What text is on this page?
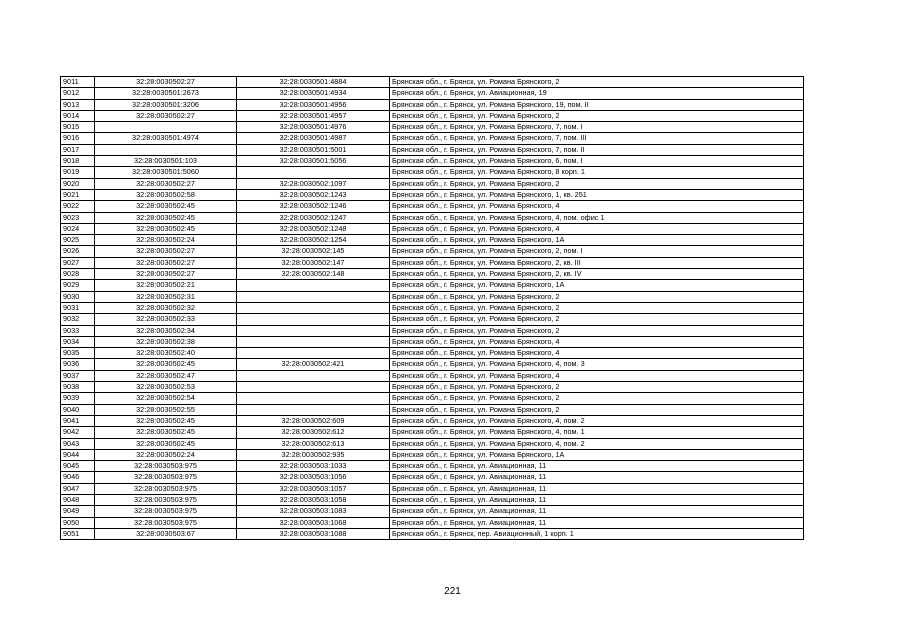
9011	32:28:0030502:27	32:28:0030501:4884	Брянская обл., г. Брянск, ул. Романа Брянского, 2
9012	32:28:0030501:2673	32:28:0030501:4934	Брянская обл., г. Брянск, ул. Авиационная, 19
9013	32:28:0030501:3206	32:28:0030501:4956	Брянская обл., г. Брянск, ул. Романа Брянского, 19, пом. II
9014	32:28:0030502:27	32:28:0030501:4957	Брянская обл., г. Брянск, ул. Романа Брянского, 2
9015		32:28:0030501:4976	Брянская обл., г. Брянск, ул. Романа Брянского, 7, пом. I
9016	32:28:0030501:4974	32:28:0030501:4987	Брянская обл., г. Брянск, ул. Романа Брянского, 7, пом. III
9017		32:28:0030501:5001	Брянская обл., г. Брянск, ул. Романа Брянского, 7, пом. II
9018	32:28:0030501:103	32:28:0030501:5056	Брянская обл., г. Брянск, ул. Романа Брянского, 6, пом. I
9019	32:28:0030501:5060		Брянская обл., г. Брянск, ул. Романа Брянского, 8 корп. 1
9020	32:28:0030502:27	32:28:0030502:1097	Брянская обл., г. Брянск, ул. Романа Брянского, 2
9021	32:28:0030502:58	32:28:0030502:1243	Брянская обл., г. Брянск, ул. Романа Брянского, 1, кв. 251
9022	32:28:0030502:45	32:28:0030502:1246	Брянская обл., г. Брянск, ул. Романа Брянского, 4
9023	32:28:0030502:45	32:28:0030502:1247	Брянская обл., г. Брянск, ул. Романа Брянского, 4, пом. офис 1
9024	32:28:0030502:45	32:28:0030502:1248	Брянская обл., г. Брянск, ул. Романа Брянского, 4
9025	32:28:0030502:24	32:28:0030502:1254	Брянская обл., г. Брянск, ул. Романа Брянского, 1А
9026	32:28:0030502:27	32:28:0030502:145	Брянская обл., г. Брянск, ул. Романа Брянского, 2, пом. I
9027	32:28:0030502:27	32:28:0030502:147	Брянская обл., г. Брянск, ул. Романа Брянского, 2, кв. III
9028	32:28:0030502:27	32:28:0030502:148	Брянская обл., г. Брянск, ул. Романа Брянского, 2, кв. IV
9029	32:28:0030502:21		Брянская обл., г. Брянск, ул. Романа Брянского, 1А
9030	32:28:0030502:31		Брянская обл., г. Брянск, ул. Романа Брянского, 2
9031	32:28:0030502:32		Брянская обл., г. Брянск, ул. Романа Брянского, 2
9032	32:28:0030502:33		Брянская обл., г. Брянск, ул. Романа Брянского, 2
9033	32:28:0030502:34		Брянская обл., г. Брянск, ул. Романа Брянского, 2
9034	32:28:0030502:38		Брянская обл., г. Брянск, ул. Романа Брянского, 4
9035	32:28:0030502:40		Брянская обл., г. Брянск, ул. Романа Брянского, 4
9036	32:28:0030502:45	32:28:0030502:421	Брянская обл., г. Брянск, ул. Романа Брянского, 4, пом. 3
9037	32:28:0030502:47		Брянская обл., г. Брянск, ул. Романа Брянского, 4
9038	32:28:0030502:53		Брянская обл., г. Брянск, ул. Романа Брянского, 2
9039	32:28:0030502:54		Брянская обл., г. Брянск, ул. Романа Брянского, 2
9040	32:28:0030502:55		Брянская обл., г. Брянск, ул. Романа Брянского, 2
9041	32:28:0030502:45	32:28:0030502:609	Брянская обл., г. Брянск, ул. Романа Брянского, 4, пом. 2
9042	32:28:0030502:45	32:28:0030502:612	Брянская обл., г. Брянск, ул. Романа Брянского, 4, пом. 1
9043	32:28:0030502:45	32:28:0030502:613	Брянская обл., г. Брянск, ул. Романа Брянского, 4, пом. 2
9044	32:28:0030502:24	32:28:0030502:935	Брянская обл., г. Брянск, ул. Романа Брянского, 1А
9045	32:28:0030503:975	32:28:0030503:1033	Брянская обл., г. Брянск, ул. Авиационная, 11
9046	32:28:0030503:975	32:28:0030503:1056	Брянская обл., г. Брянск, ул. Авиационная, 11
9047	32:28:0030503:975	32:28:0030503:1057	Брянская обл., г. Брянск, ул. Авиационная, 11
9048	32:28:0030503:975	32:28:0030503:1058	Брянская обл., г. Брянск, ул. Авиационная, 11
9049	32:28:0030503:975	32:28:0030503:1083	Брянская обл., г. Брянск, ул. Авиационная, 11
9050	32:28:0030503:975	32:28:0030503:1068	Брянская обл., г. Брянск, ул. Авиационная, 11
9051	32:28:0030503:67	32:28:0030503:1088	Брянская обл., г. Брянск, пер. Авиационный, 1 корп. 1
221
